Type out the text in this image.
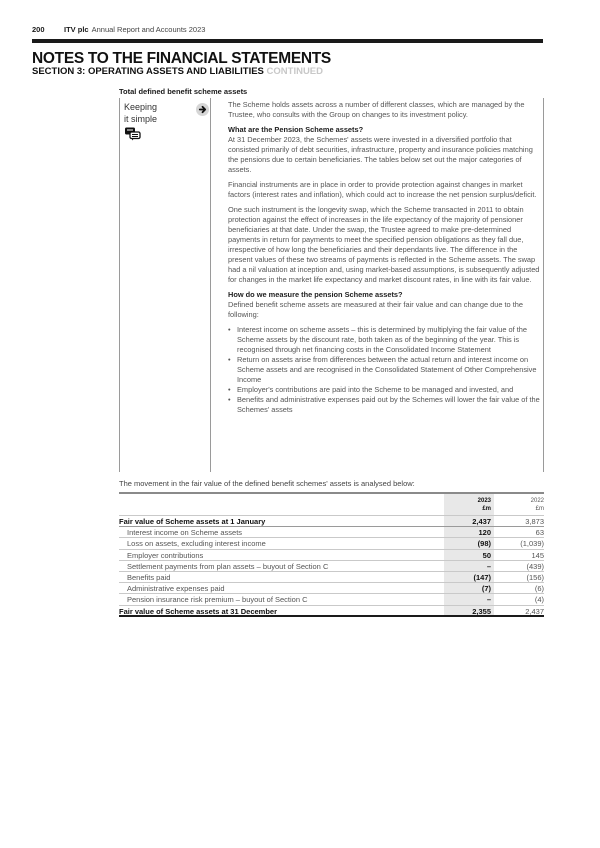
200	ITV plc Annual Report and Accounts 2023
NOTES TO THE FINANCIAL STATEMENTS
SECTION 3: OPERATING ASSETS AND LIABILITIES CONTINUED
Total defined benefit scheme assets
Keeping
it simple

The Scheme holds assets across a number of different classes, which are managed by the Trustee, who consults with the Group on changes to its investment policy.

What are the Pension Scheme assets?

At 31 December 2023, the Schemes' assets were invested in a diversified portfolio that consisted primarily of debt securities, infrastructure, property and insurance policies matching the pensions due to certain beneficiaries. The tables below set out the major categories of assets.

Financial instruments are in place in order to provide protection against changes in market factors (interest rates and inflation), which could act to increase the net pension surplus/deficit.

One such instrument is the longevity swap, which the Scheme transacted in 2011 to obtain protection against the effect of increases in the life expectancy of the majority of pensioner beneficiaries at that date. Under the swap, the Trustee agreed to make pre-determined payments in return for payments to meet the specified pension obligations as they fall due, irrespective of how long the beneficiaries and their dependants live. The difference in the present values of these two streams of payments is reflected in the Scheme assets. The swap had a nil valuation at inception and, using market-based assumptions, is subsequently adjusted for changes in the market life expectancy and market discount rates, in line with its fair value.

How do we measure the pension Scheme assets?

Defined benefit scheme assets are measured at their fair value and can change due to the following:

• Interest income on scheme assets – this is determined by multiplying the fair value of the Scheme assets by the discount rate, both taken as of the beginning of the year. This is recognised through net financing costs in the Consolidated Income Statement
• Return on assets arise from differences between the actual return and interest income on Scheme assets and are recognised in the Consolidated Statement of Other Comprehensive Income
• Employer's contributions are paid into the Scheme to be managed and invested, and
• Benefits and administrative expenses paid out by the Schemes will lower the fair value of the Schemes' assets
The movement in the fair value of the defined benefit schemes' assets is analysed below:
2023
£m
2022
£m
Fair value of Scheme assets at 1 January	2,437	3,873
Interest income on Scheme assets	120	63
Loss on assets, excluding interest income	(98)	(1,039)
Employer contributions	50	145
Settlement payments from plan assets – buyout of Section C	–	(439)
Benefits paid	(147)	(156)
Administrative expenses paid	(7)	(6)
Pension insurance risk premium – buyout of Section C	–	(4)
Fair value of Scheme assets at 31 December	2,355	2,437
